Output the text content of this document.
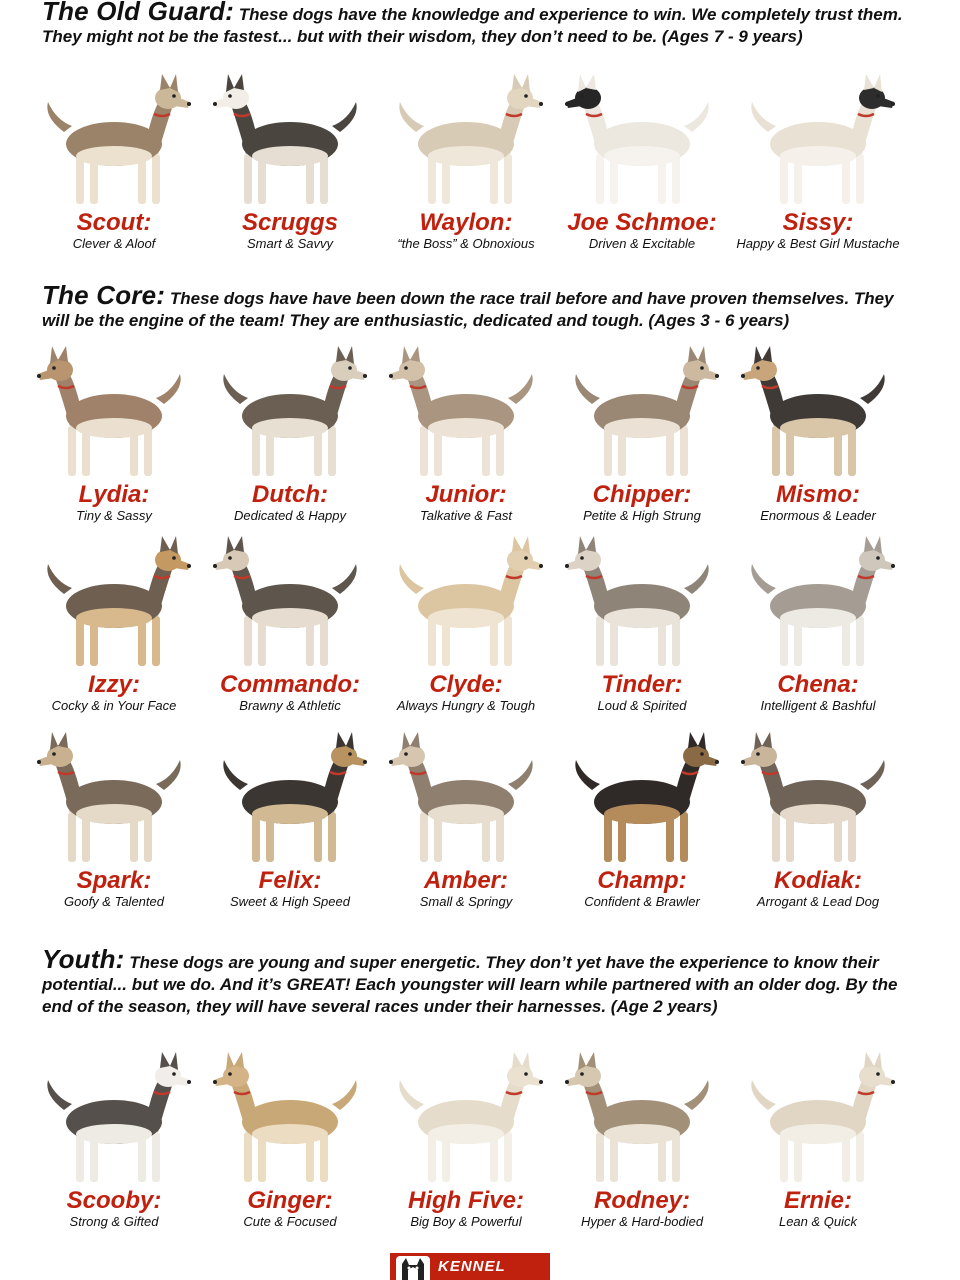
The Old Guard: These dogs have the knowledge and experience to win. We completely trust them. They might not be the fastest... but with their wisdom, they don’t need to be. (Ages 7 - 9 years)
The Core: These dogs have have been down the race trail before and have proven themselves. They will be the engine of the team! They are enthusiastic, dedicated and tough. (Ages 3 - 6 years)
Youth: These dogs are young and super energetic. They don’t yet have the experience to know their potential... but we do. And it’s GREAT! Each youngster will learn while partnered with an older dog. By the end of the season, they will have several races under their harnesses. (Age 2 years)
Scout:
Clever & Aloof
Scruggs
Smart & Savvy
Waylon:
“the Boss” & Obnoxious
Joe Schmoe:
Driven & Excitable
Sissy:
Happy & Best Girl Mustache
Lydia:
Tiny & Sassy
Dutch:
Dedicated & Happy
Junior:
Talkative & Fast
Chipper:
Petite & High Strung
Mismo:
Enormous & Leader
Izzy:
Cocky & in Your Face
Commando:
Brawny & Athletic
Clyde:
Always Hungry & Tough
Tinder:
Loud & Spirited
Chena:
Intelligent & Bashful
Spark:
Goofy & Talented
Felix:
Sweet & High Speed
Amber:
Small & Springy
Champ:
Confident & Brawler
Kodiak:
Arrogant & Lead Dog
Scooby:
Strong & Gifted
Ginger:
Cute & Focused
High Five:
Big Boy & Powerful
Rodney:
Hyper & Hard-bodied
Ernie:
Lean & Quick
KENNEL
